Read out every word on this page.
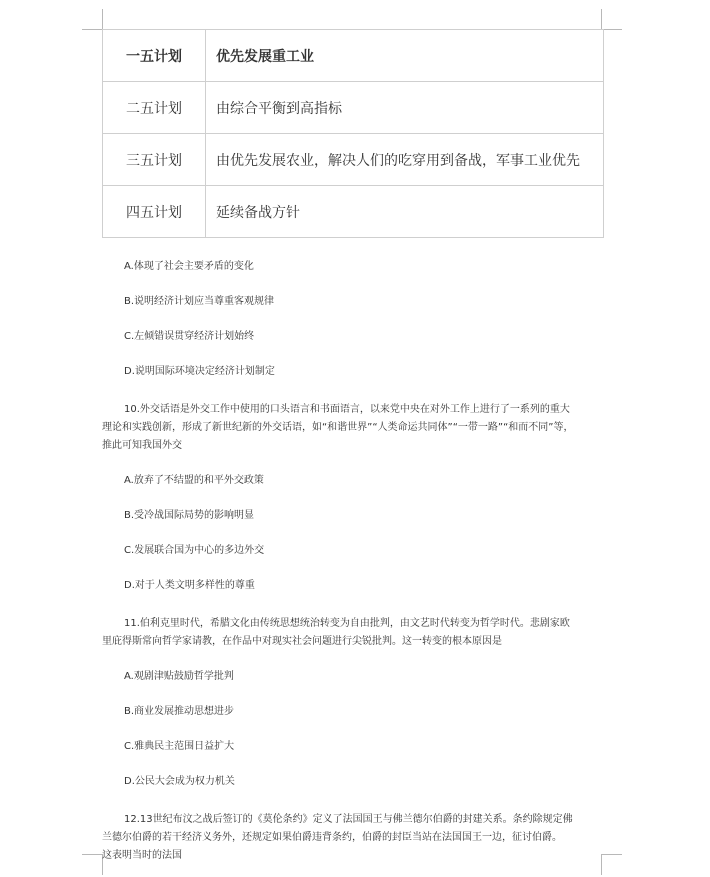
一五计划	优先发展重工业
二五计划	由综合平衡到高指标
三五计划	由优先发展农业，解决人们的吃穿用到备战，军事工业优先
四五计划	延续备战方针
A.体现了社会主要矛盾的变化
B.说明经济计划应当尊重客观规律
C.左倾错误贯穿经济计划始终
D.说明国际环境决定经济计划制定
10.外交话语是外交工作中使用的口头语言和书面语言，以来党中央在对外工作上进行了一系列的重大
理论和实践创新，形成了新世纪新的外交话语，如“和谐世界”“人类命运共同体”“一带一路”“和而不同”等，
推此可知我国外交
A.放弃了不结盟的和平外交政策
B.受冷战国际局势的影响明显
C.发展联合国为中心的多边外交
D.对于人类文明多样性的尊重
11.伯利克里时代，希腊文化由传统思想统治转变为自由批判，由文艺时代转变为哲学时代。悲剧家欧
里庇得斯常向哲学家请教，在作品中对现实社会问题进行尖锐批判。这一转变的根本原因是
A.观剧津贴鼓励哲学批判
B.商业发展推动思想进步
C.雅典民主范围日益扩大
D.公民大会成为权力机关
12.13世纪布汶之战后签订的《莫伦条约》定义了法国国王与佛兰德尔伯爵的封建关系。条约除规定佛
兰德尔伯爵的若干经济义务外，还规定如果伯爵违背条约，伯爵的封臣当站在法国国王一边，征讨伯爵。
这表明当时的法国
